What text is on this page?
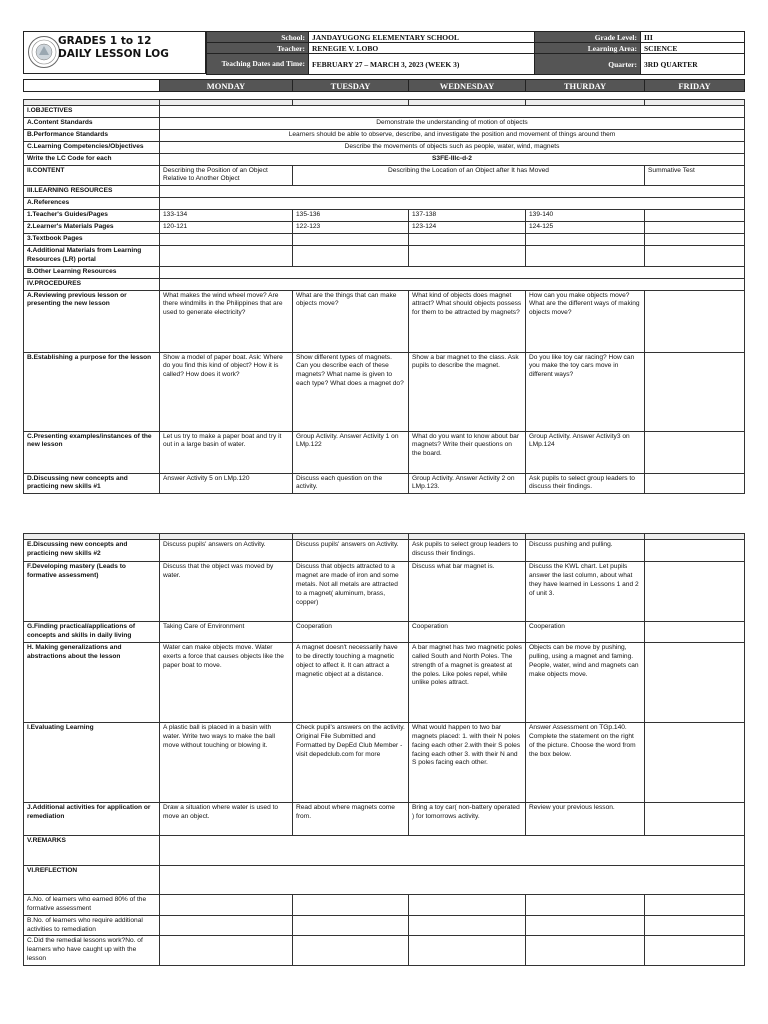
GRADES 1 to 12
DAILY LESSON LOG
School:	JANDAYUGONG ELEMENTARY SCHOOL	Grade Level:	III
Teacher:	RENEGIE V. LOBO	Learning Area:	SCIENCE
Teaching Dates and Time:	FEBRUARY 27 – MARCH 3, 2023 (WEEK 3)	Quarter:	3RD QUARTER
	MONDAY	TUESDAY	WEDNESDAY	THURDAY	FRIDAY

I.OBJECTIVES					
A.Content Standards	Demonstrate the understanding of motion of objects				
B.Performance Standards	Learners should be able to observe, describe, and investigate the position and movement of things around them				
C.Learning Competencies/Objectives	Describe the movements of objects such as people, water, wind, magnets				
Write the LC Code for each	S3FE-IIIc-d-2				
II.CONTENT	Describing the Position of an Object Relative to Another Object	Describing the Location of an Object after It has Moved			Summative Test
III.LEARNING RESOURCES					
A.References					
1.Teacher's Guides/Pages	133-134	135-136	137-138	139-140	
2.Learner's Materials Pages	120-121	122-123	123-124	124-125	
3.Textbook Pages					
4.Additional Materials from Learning Resources (LR) portal					
B.Other Learning Resources					
IV.PROCEDURES					
A.Reviewing previous lesson or presenting the new lesson	What makes the wind wheel move? Are there windmills in the Philippines that are used to generate electricity?	What are the things that can make objects move?	What kind of objects does magnet attract? What should objects possess for them to be attracted by magnets?	How can you make objects move? What are the different ways of making objects move?	
B.Establishing a purpose for the lesson	Show a model of paper boat. Ask: Where do you find this kind of object? How it is called? How does it work?	Show different types of magnets. Can you describe each of these magnets? What name is given to each type? What does a magnet do?	Show a bar magnet to the class. Ask pupils to describe the magnet.	Do you like toy car racing? How can you make the toy cars move in different ways?	
C.Presenting examples/instances of the new lesson	Let us try to make a paper boat and try it out in a large basin of water.	Group Activity. Answer Activity 1 on LMp.122	What do you want to know about bar magnets? Write their questions on the board.	Group Activity. Answer Activity3 on LMp.124	
D.Discussing new concepts and practicing new skills #1	Answer Activity 5 on LMp.120	Discuss each question on the activity.	Group Activity. Answer Activity 2 on LMp.123.	Ask pupils to select group leaders to discuss their findings.	

E.Discussing new concepts and practicing new skills #2	Discuss pupils' answers on Activity.	Discuss pupils' answers on Activity.	Ask pupils to select group leaders to discuss their findings.	Discuss pushing and pulling.	
F.Developing mastery (Leads to formative assessment)	Discuss that the object was moved by water.	Discuss that objects attracted to a magnet are made of iron and some metals. Not all metals are attracted to a magnet( aluminum, brass, copper)	Discuss what bar magnet is.	Discuss the KWL chart. Let pupils answer the last column, about what they have learned in Lessons 1 and 2 of unit 3.	
G.Finding practical/applications of concepts and skills in daily living	Taking Care of Environment	Cooperation	Cooperation	Cooperation	
H. Making generalizations and abstractions about the lesson	Water can make objects move. Water exerts a force that causes objects like the paper boat to move.	A magnet doesn't necessarily have to be directly touching a magnetic object to affect it. It can attract a magnetic object at a distance.	A bar magnet has two magnetic poles called South and North Poles. The strength of a magnet is greatest at the poles. Like poles repel, while unlike poles attract.	Objects can be move by pushing, pulling, using a magnet and faming. People, water, wind and magnets can make objects move.	
I.Evaluating Learning	A plastic ball is placed in a basin with water. Write two ways to make the ball move without touching or blowing it.	Check pupil's answers on the activity. Original File Submitted and Formatted by DepEd Club Member - visit depedclub.com for more	What would happen to two bar magnets placed: 1. with their N poles facing each other 2.with their S poles facing each other 3. with their N and S poles facing each other.	Answer Assessment on TGp.140. Complete the statement on the right of the picture. Choose the word from the box below.	
J.Additional activities for application or remediation	Draw a situation where water is used to move an object.	Read about where magnets come from.	Bring a toy car( non-battery operated ) for tomorrows activity.	Review your previous lesson.	
V.REMARKS					
VI.REFLECTION					
A.No. of learners who earned 80% of the formative assessment					
B.No. of learners who require additional activities to remediation					
C.Did the remedial lessons work?No. of learners who have caught up with the lesson					
